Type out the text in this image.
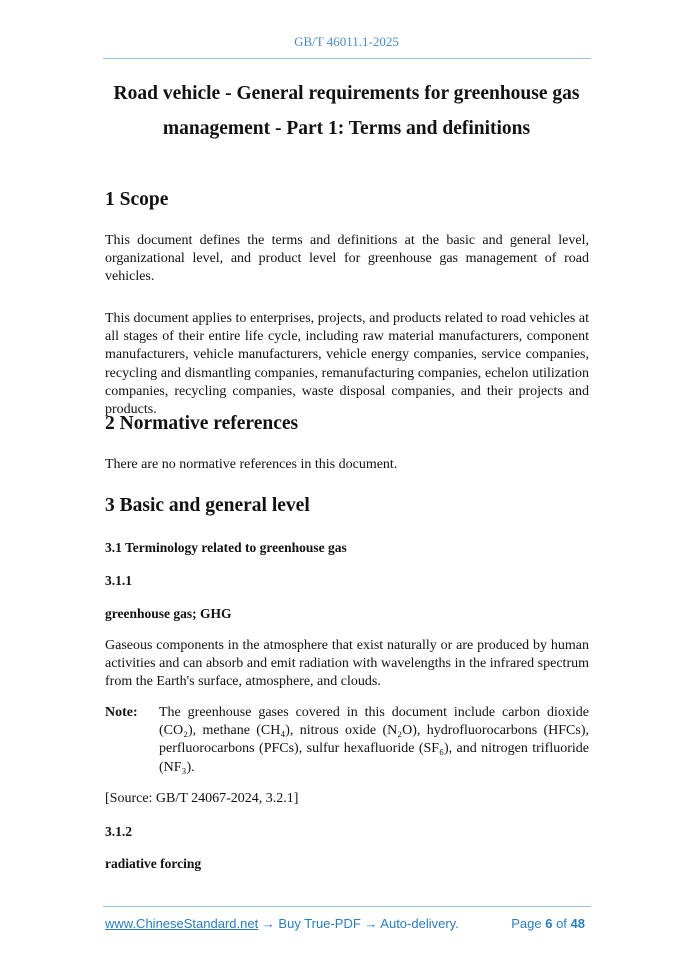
GB/T 46011.1-2025
Road vehicle - General requirements for greenhouse gas
management - Part 1: Terms and definitions
1 Scope
This document defines the terms and definitions at the basic and general level, organizational level, and product level for greenhouse gas management of road vehicles.
This document applies to enterprises, projects, and products related to road vehicles at all stages of their entire life cycle, including raw material manufacturers, component manufacturers, vehicle manufacturers, vehicle energy companies, service companies, recycling and dismantling companies, remanufacturing companies, echelon utilization companies, recycling companies, waste disposal companies, and their projects and products.
2 Normative references
There are no normative references in this document.
3 Basic and general level
3.1 Terminology related to greenhouse gas
3.1.1
greenhouse gas; GHG
Gaseous components in the atmosphere that exist naturally or are produced by human activities and can absorb and emit radiation with wavelengths in the infrared spectrum from the Earth's surface, atmosphere, and clouds.
Note:	The greenhouse gases covered in this document include carbon dioxide (CO₂), methane (CH₄), nitrous oxide (N₂O), hydrofluorocarbons (HFCs), perfluorocarbons (PFCs), sulfur hexafluoride (SF₆), and nitrogen trifluoride (NF₃).
[Source: GB/T 24067-2024, 3.2.1]
3.1.2
radiative forcing
www.ChineseStandard.net → Buy True-PDF → Auto-delivery.	Page 6 of 48
